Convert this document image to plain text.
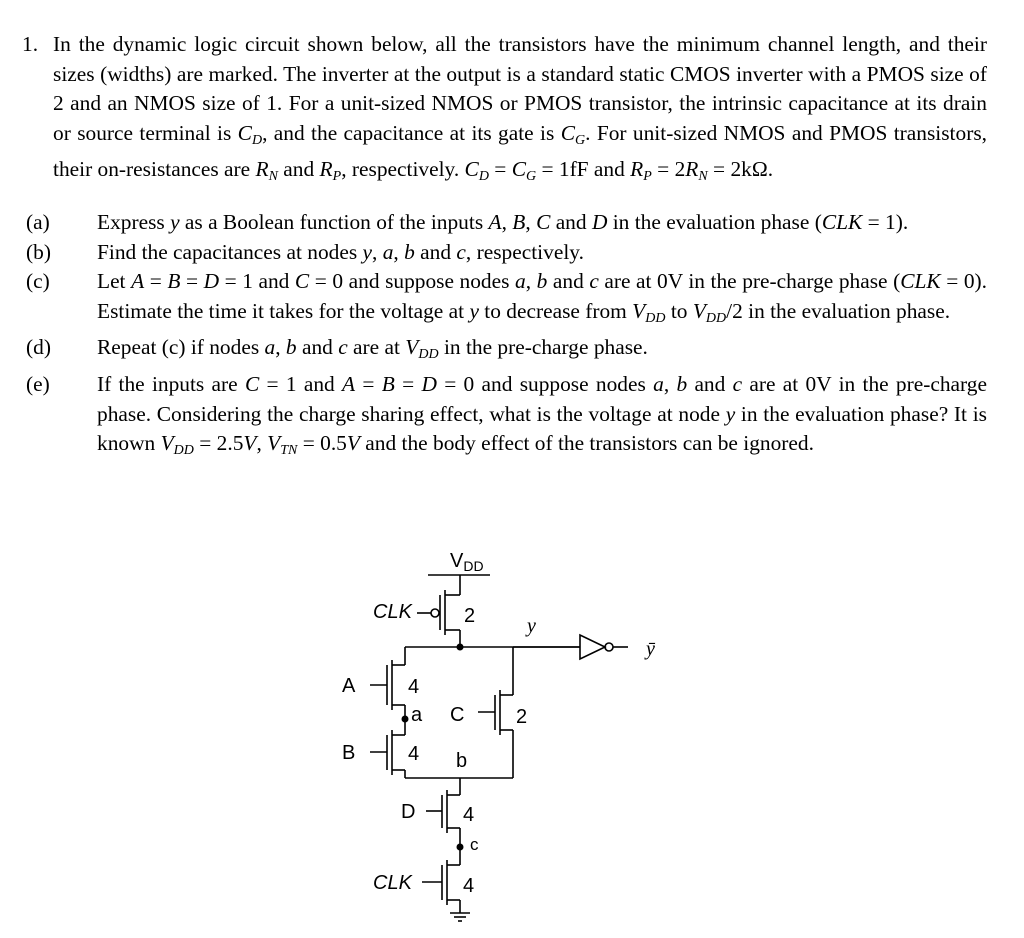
1. In the dynamic logic circuit shown below, all the transistors have the minimum channel length, and their sizes (widths) are marked. The inverter at the output is a standard static CMOS inverter with a PMOS size of 2 and an NMOS size of 1. For a unit-sized NMOS or PMOS transistor, the intrinsic capacitance at its drain or source terminal is $C_D$, and the capacitance at its gate is $C_G$. For unit-sized NMOS and PMOS transistors, their on-resistances are $R_N$ and $R_P$, respectively. $C_D = C_G = 1fF$ and $R_P = 2R_N = 2k\Omega$.

(a) Express y as a Boolean function of the inputs A, B, C and D in the evaluation phase (CLK = 1).
(b) Find the capacitances at nodes y, a, b and c, respectively.
(c) Let A = B = D = 1 and C = 0 and suppose nodes a, b and c are at 0V in the pre-charge phase (CLK = 0). Estimate the time it takes for the voltage at y to decrease from $V_{DD}$ to $V_{DD}/2$ in the evaluation phase.
(d) Repeat (c) if nodes a, b and c are at $V_{DD}$ in the pre-charge phase.
(e) If the inputs are C = 1 and A = B = D = 0 and suppose nodes a, b and c are at 0V in the pre-charge phase. Considering the charge sharing effect, what is the voltage at node y in the evaluation phase? It is known $V_{DD} = 2.5V$, $V_{TN} = 0.5V$ and the body effect of the transistors can be ignored.
$V_{DD}$
CLK	2	y
ȳ
A	4
a C	2
B	4 b
D 4
c
CLK	4
